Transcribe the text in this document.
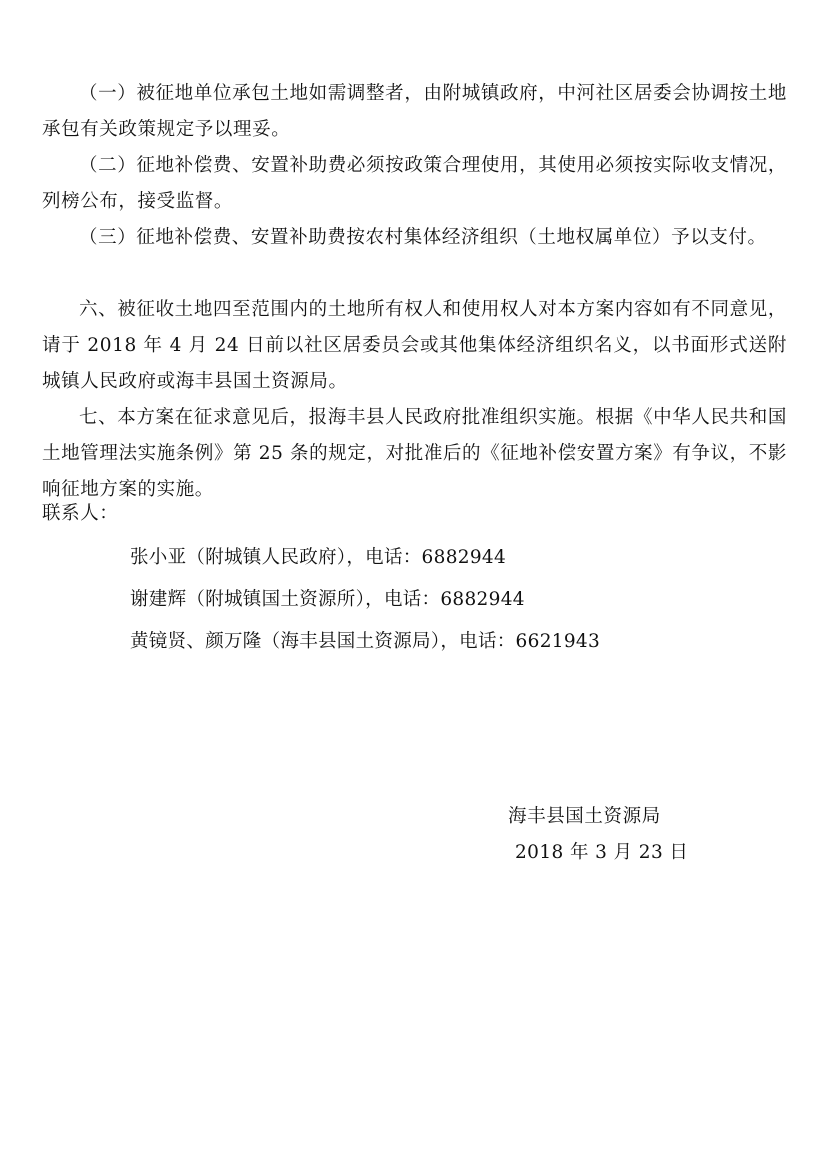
（一）被征地单位承包土地如需调整者，由附城镇政府，中河社区居委会协调按土地承包有关政策规定予以理妥。

（二）征地补偿费、安置补助费必须按政策合理使用，其使用必须按实际收支情况，列榜公布，接受监督。

（三）征地补偿费、安置补助费按农村集体经济组织（土地权属单位）予以支付。

六、被征收土地四至范围内的土地所有权人和使用权人对本方案内容如有不同意见，请于 2018 年 4 月 24 日前以社区居委员会或其他集体经济组织名义，以书面形式送附城镇人民政府或海丰县国土资源局。

七、本方案在征求意见后，报海丰县人民政府批准组织实施。根据《中华人民共和国土地管理法实施条例》第 25 条的规定，对批准后的《征地补偿安置方案》有争议，不影响征地方案的实施。

联系人：
张小亚（附城镇人民政府），电话：6882944
谢建辉（附城镇国土资源所），电话：6882944
黄镜贤、颜万隆（海丰县国土资源局），电话：6621943
海丰县国土资源局
2018 年 3 月 23 日
